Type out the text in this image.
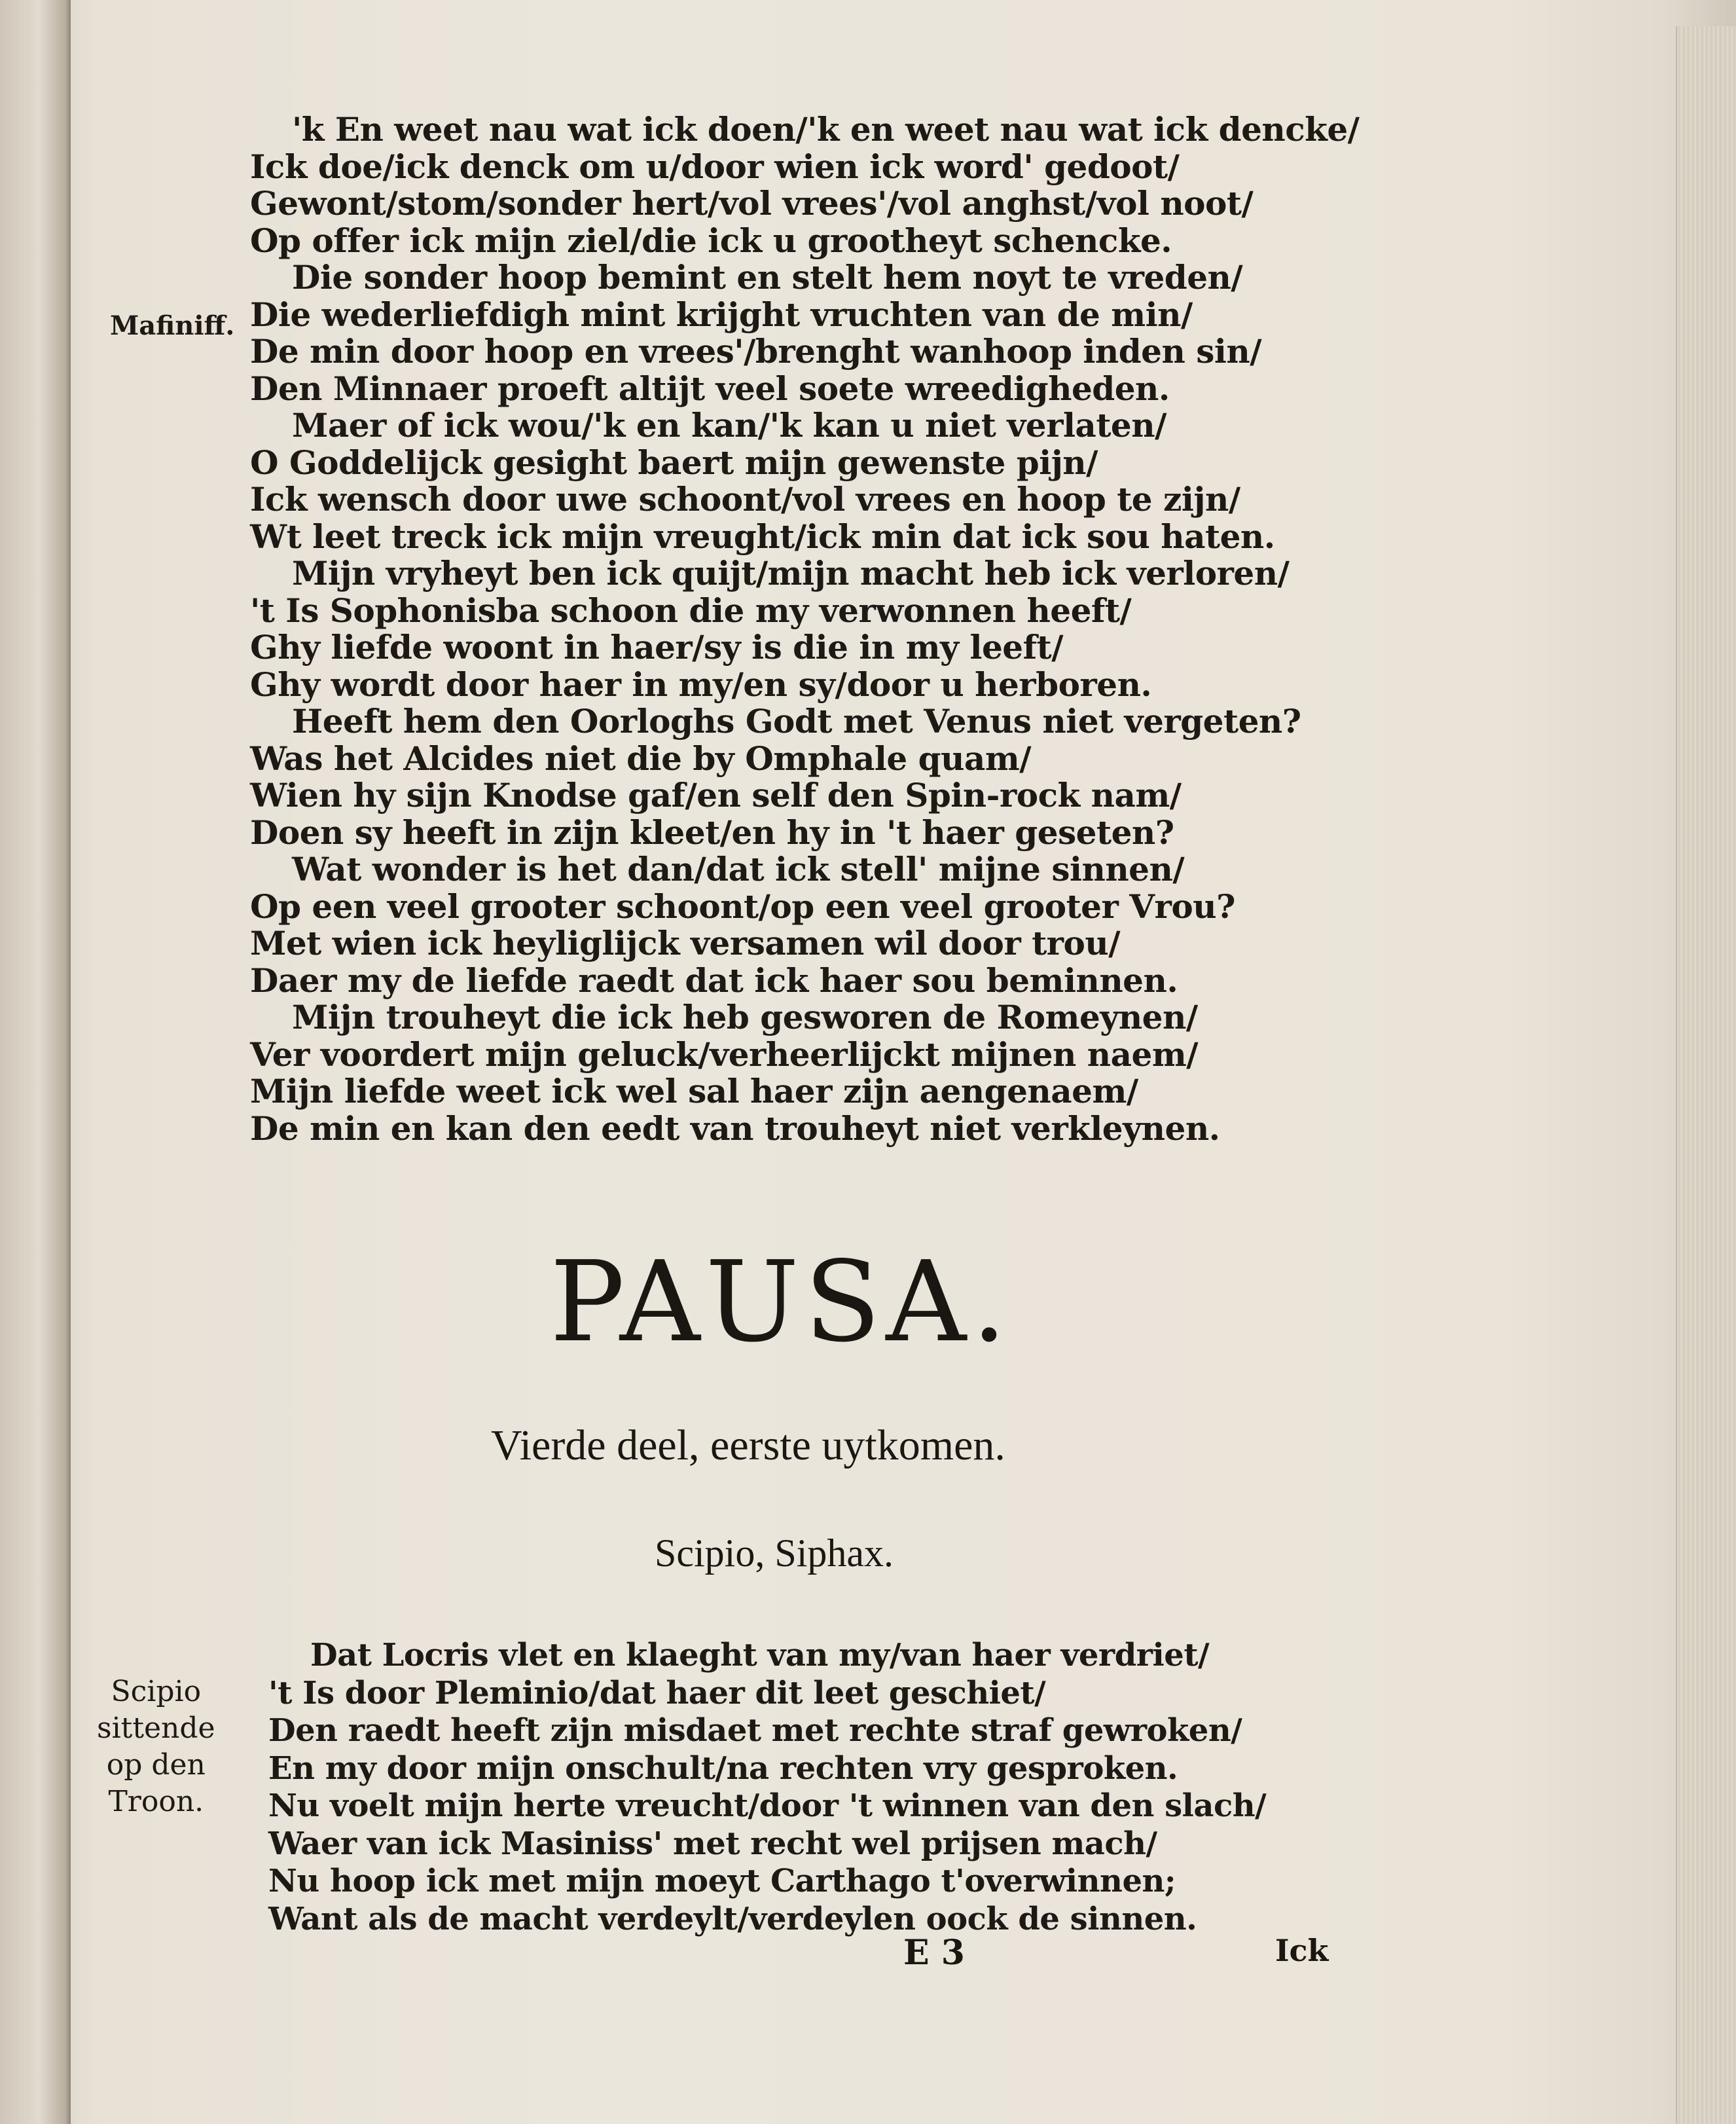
Mafiniff.
'k En weet nau wat ick doen/'k en weet nau wat ick dencke/
Ick doe/ick denck om u/door wien ick word' gedoot/
Gewont/stom/sonder hert/vol vrees'/vol anghst/vol noot/
Op offer ick mijn ziel/die ick u grootheyt schencke.
Die sonder hoop bemint en stelt hem noyt te vreden/
Die wederliefdigh mint krijght vruchten van de min/
De min door hoop en vrees'/brenght wanhoop inden sin/
Den Minnaer proeft altijt veel soete wreedigheden.
Maer of ick wou/'k en kan/'k kan u niet verlaten/
O Goddelijck gesight baert mijn gewenste pijn/
Ick wensch door uwe schoont/vol vrees en hoop te zijn/
Wt leet treck ick mijn vreught/ick min dat ick sou haten.
Mijn vryheyt ben ick quijt/mijn macht heb ick verloren/
't Is Sophonisba schoon die my verwonnen heeft/
Ghy liefde woont in haer/sy is die in my leeft/
Ghy wordt door haer in my/en sy/door u herboren.
Heeft hem den Oorloghs Godt met Venus niet vergeten?
Was het Alcides niet die by Omphale quam/
Wien hy sijn Knodse gaf/en self den Spin-rock nam/
Doen sy heeft in zijn kleet/en hy in 't haer geseten?
Wat wonder is het dan/dat ick stell' mijne sinnen/
Op een veel grooter schoont/op een veel grooter Vrou?
Met wien ick heyliglijck versamen wil door trou/
Daer my de liefde raedt dat ick haer sou beminnen.
Mijn trouheyt die ick heb gesworen de Romeynen/
Ver voordert mijn geluck/verheerlijckt mijnen naem/
Mijn liefde weet ick wel sal haer zijn aengenaem/
De min en kan den eedt van trouheyt niet verkleynen.
PAUSA.
Vierde deel, eerste uytkomen.
Scipio, Siphax.
Scipio
sittende
op den
Troon.
Dat Locris vlet en klaeght van my/van haer verdriet/
't Is door Pleminio/dat haer dit leet geschiet/
Den raedt heeft zijn misdaet met rechte straf gewroken/
En my door mijn onschult/na rechten vry gesproken.
Nu voelt mijn herte vreucht/door 't winnen van den slach/
Waer van ick Masiniss' met recht wel prijsen mach/
Nu hoop ick met mijn moeyt Carthago t'overwinnen;
Want als de macht verdeylt/verdeylen oock de sinnen.
E 3	Ick
